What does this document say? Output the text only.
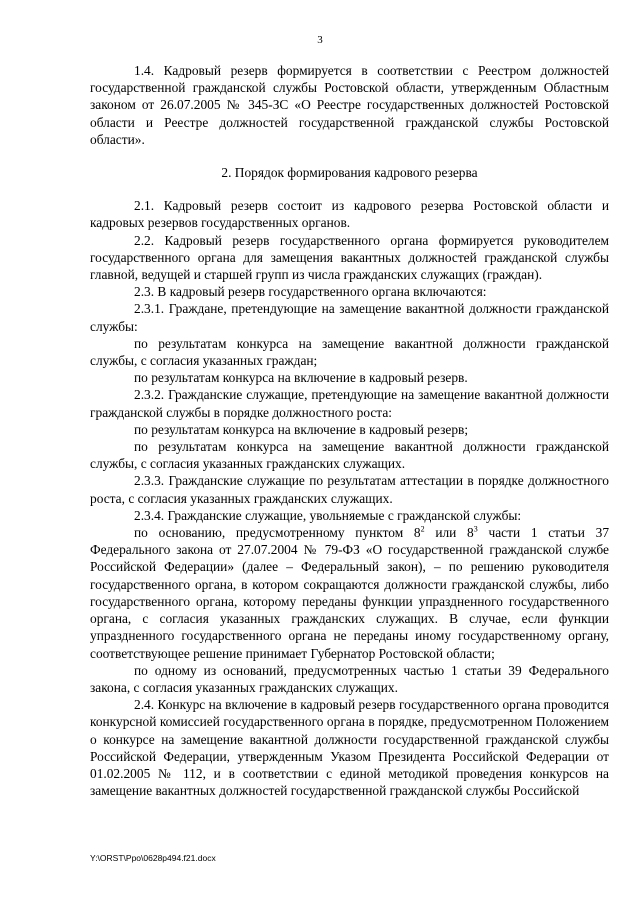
3

1.4. Кадровый резерв формируется в соответствии с Реестром должностей государственной гражданской службы Ростовской области, утвержденным Областным законом от 26.07.2005 № 345-ЗС «О Реестре государственных должностей Ростовской области и Реестре должностей государственной гражданской службы Ростовской области».

2. Порядок формирования кадрового резерва

2.1. Кадровый резерв состоит из кадрового резерва Ростовской области и кадровых резервов государственных органов.

2.2. Кадровый резерв государственного органа формируется руководителем государственного органа для замещения вакантных должностей гражданской службы главной, ведущей и старшей групп из числа гражданских служащих (граждан).

2.3. В кадровый резерв государственного органа включаются:

2.3.1. Граждане, претендующие на замещение вакантной должности гражданской службы:

по результатам конкурса на замещение вакантной должности гражданской службы, с согласия указанных граждан;

по результатам конкурса на включение в кадровый резерв.

2.3.2. Гражданские служащие, претендующие на замещение вакантной должности гражданской службы в порядке должностного роста:

по результатам конкурса на включение в кадровый резерв;

по результатам конкурса на замещение вакантной должности гражданской службы, с согласия указанных гражданских служащих.

2.3.3. Гражданские служащие по результатам аттестации в порядке должностного роста, с согласия указанных гражданских служащих.

2.3.4. Гражданские служащие, увольняемые с гражданской службы:

по основанию, предусмотренному пунктом $8^2$ или $8^3$ части 1 статьи 37 Федерального закона от 27.07.2004 № 79-ФЗ «О государственной гражданской службе Российской Федерации» (далее – Федеральный закон), – по решению руководителя государственного органа, в котором сокращаются должности гражданской службы, либо государственного органа, которому переданы функции упраздненного государственного органа, с согласия указанных гражданских служащих. В случае, если функции упраздненного государственного органа не переданы иному государственному органу, соответствующее решение принимает Губернатор Ростовской области;

по одному из оснований, предусмотренных частью 1 статьи 39 Федерального закона, с согласия указанных гражданских служащих.

2.4. Конкурс на включение в кадровый резерв государственного органа проводится конкурсной комиссией государственного органа в порядке, предусмотренном Положением о конкурсе на замещение вакантной должности государственной гражданской службы Российской Федерации, утвержденным Указом Президента Российской Федерации от 01.02.2005 № 112, и в соответствии с единой методикой проведения конкурсов на замещение вакантных должностей государственной гражданской службы Российской

Y:\ORST\Ppo\0628p494.f21.docx
